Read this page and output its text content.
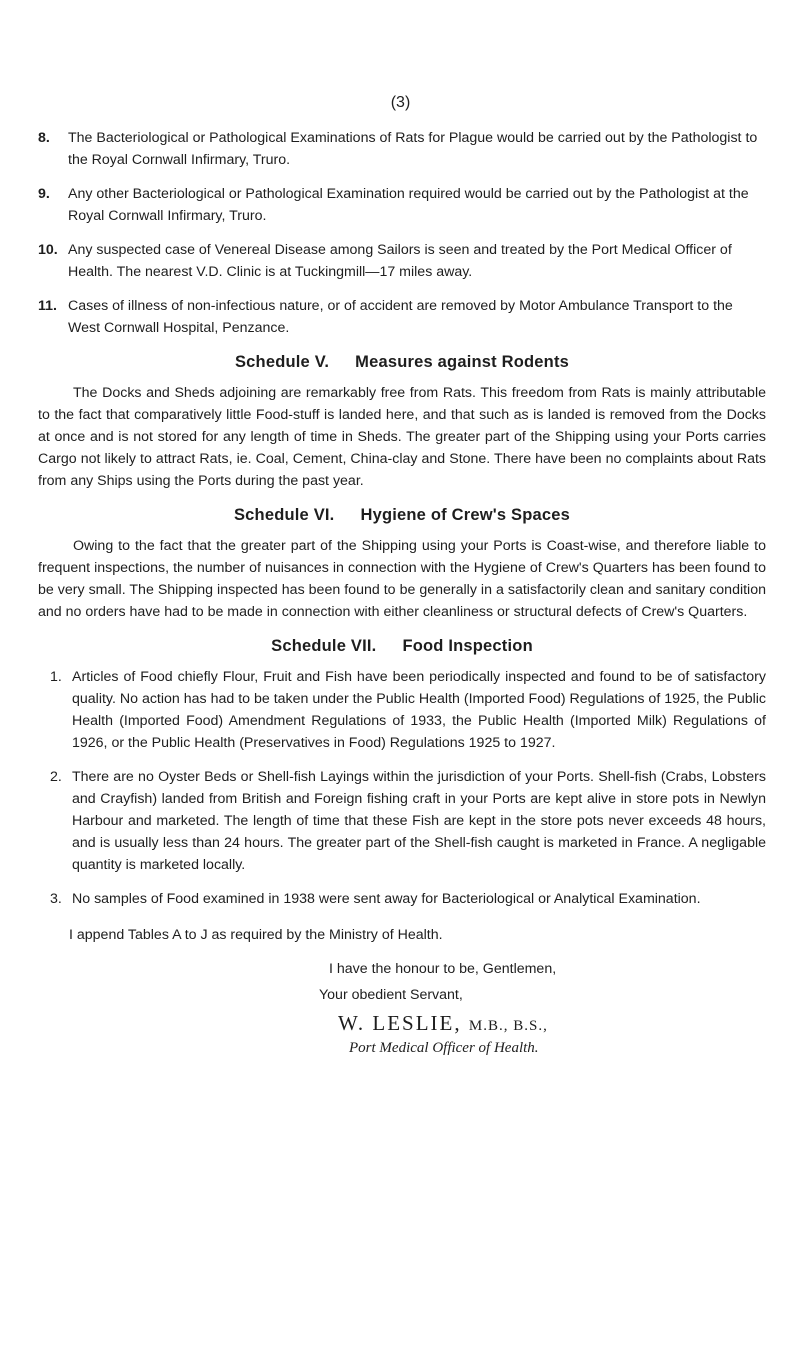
(3)
8.	The Bacteriological or Pathological Examinations of Rats for Plague would be carried out by the Pathologist to the Royal Cornwall Infirmary, Truro.
9.	Any other Bacteriological or Pathological Examination required would be carried out by the Pathologist at the Royal Cornwall Infirmary, Truro.
10. Any suspected case of Venereal Disease among Sailors is seen and treated by the Port Medical Officer of Health. The nearest V.D. Clinic is at Tuckingmill—17 miles away.
11. Cases of illness of non-infectious nature, or of accident are removed by Motor Ambulance Transport to the West Cornwall Hospital, Penzance.
Schedule V. Measures against Rodents

The Docks and Sheds adjoining are remarkably free from Rats. This freedom from Rats is mainly attributable to the fact that comparatively little Food-stuff is landed here, and that such as is landed is removed from the Docks at once and is not stored for any length of time in Sheds. The greater part of the Shipping using your Ports carries Cargo not likely to attract Rats, ie. Coal, Cement, China-clay and Stone. There have been no complaints about Rats from any Ships using the Ports during the past year.

Schedule VI. Hygiene of Crew's Spaces

Owing to the fact that the greater part of the Shipping using your Ports is Coast-wise, and therefore liable to frequent inspections, the number of nuisances in connection with the Hygiene of Crew's Quarters has been found to be very small. The Shipping inspected has been found to be generally in a satisfactorily clean and sanitary condition and no orders have had to be made in connection with either cleanliness or structural defects of Crew's Quarters.

Schedule VII. Food Inspection
1. Articles of Food chiefly Flour, Fruit and Fish have been periodically inspected and found to be of satisfactory quality. No action has had to be taken under the Public Health (Imported Food) Regulations of 1925, the Public Health (Imported Food) Amendment Regulations of 1933, the Public Health (Imported Milk) Regulations of 1926, or the Public Health (Preservatives in Food) Regulations 1925 to 1927.
2. There are no Oyster Beds or Shell-fish Layings within the jurisdiction of your Ports. Shell-fish (Crabs, Lobsters and Crayfish) landed from British and Foreign fishing craft in your Ports are kept alive in store pots in Newlyn Harbour and marketed. The length of time that these Fish are kept in the store pots never exceeds 48 hours, and is usually less than 24 hours. The greater part of the Shell-fish caught is marketed in France. A negligable quantity is marketed locally.
3. No samples of Food examined in 1938 were sent away for Bacteriological or Analytical Examination.

I append Tables A to J as required by the Ministry of Health.

I have the honour to be, Gentlemen,
Your obedient Servant,
W. LESLIE, M.B., B.S.,
Port Medical Officer of Health.
